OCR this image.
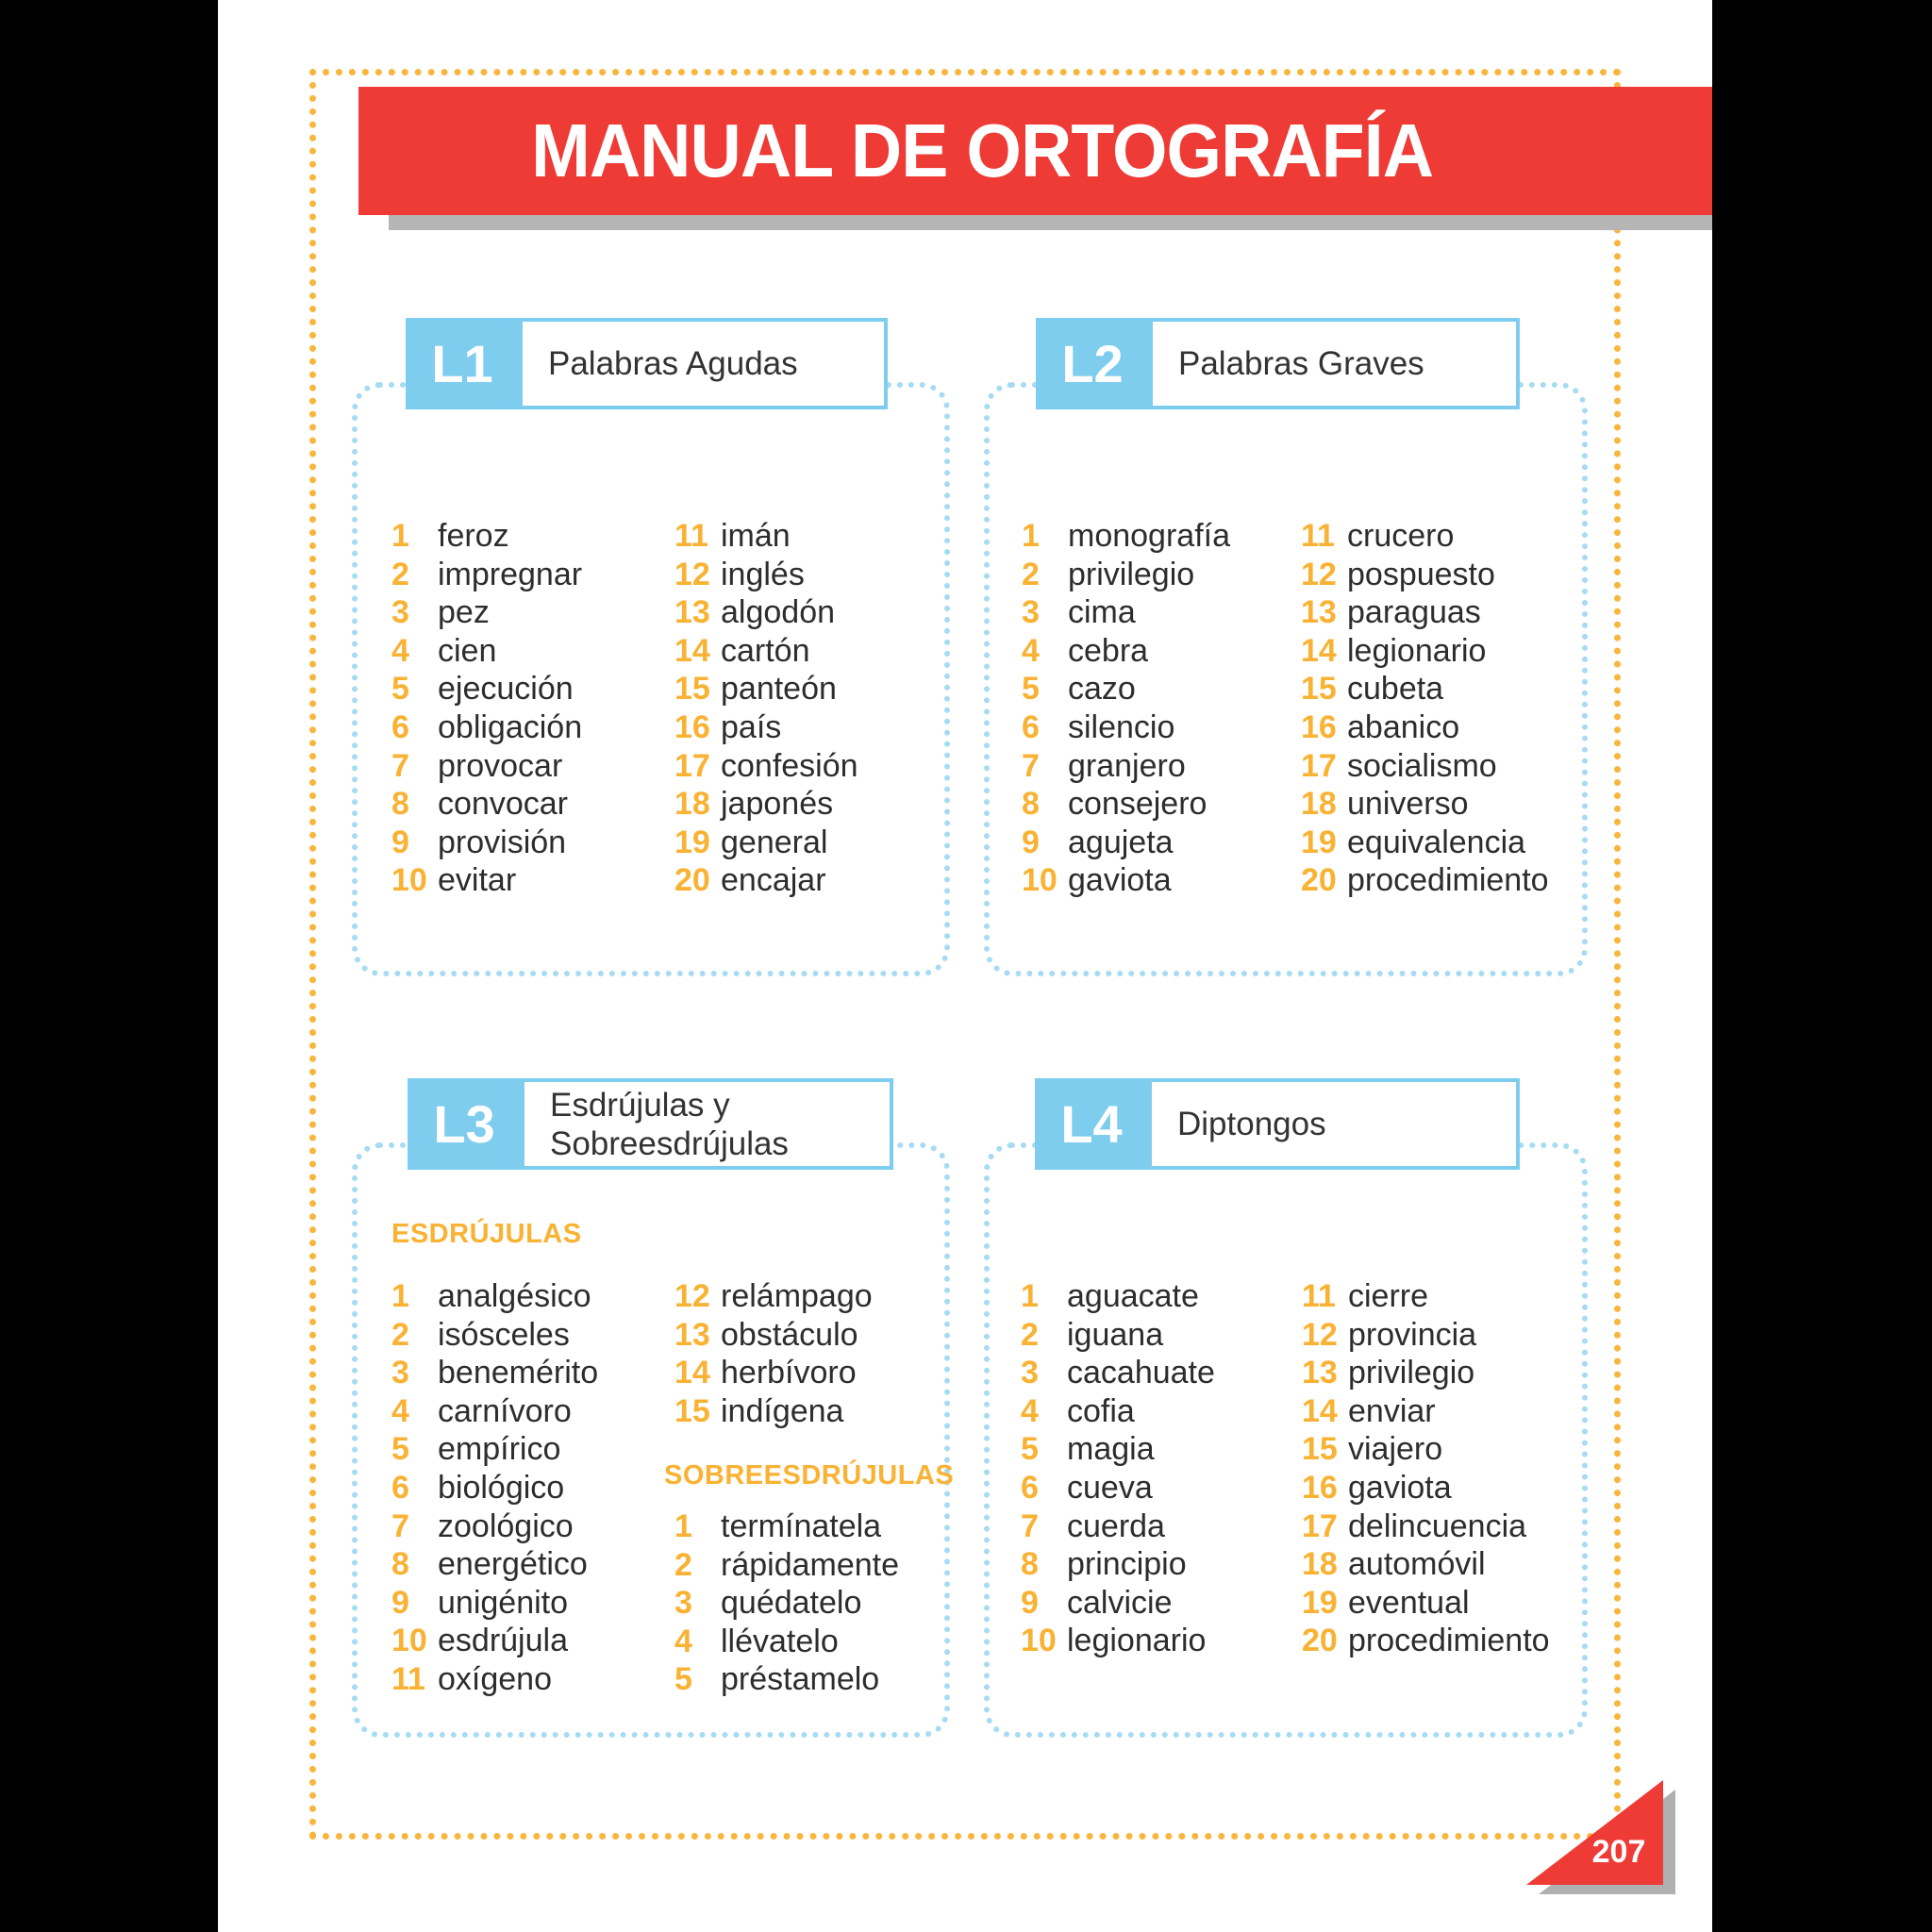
MANUAL DE ORTOGRAFÍA
L1	Palabras Agudas
1 feroz
2 impregnar
3 pez
4 cien
5 ejecución
6 obligación
7 provocar
8 convocar
9 provisión
10 evitar
11 imán
12 inglés
13 algodón
14 cartón
15 panteón
16 país
17 confesión
18 japonés
19 general
20 encajar
L2	Palabras Graves
1 monografía
2 privilegio
3 cima
4 cebra
5 cazo
6 silencio
7 granjero
8 consejero
9 agujeta
10 gaviota
11 crucero
12 pospuesto
13 paraguas
14 legionario
15 cubeta
16 abanico
17 socialismo
18 universo
19 equivalencia
20 procedimiento
L3	Esdrújulas y
Sobreesdrújulas
ESDRÚJULAS
1 analgésico
2 isósceles
3 benemérito
4 carnívoro
5 empírico
6 biológico
7 zoológico
8 energético
9 unigénito
10 esdrújula
11 oxígeno
12 relámpago
13 obstáculo
14 herbívoro
15 indígena
SOBREESDRÚJULAS
1 termínatela
2 rápidamente
3 quédatelo
4 llévatelo
5 préstamelo
L4	Diptongos
1 aguacate
2 iguana
3 cacahuate
4 cofia
5 magia
6 cueva
7 cuerda
8 principio
9 calvicie
10 legionario
11 cierre
12 provincia
13 privilegio
14 enviar
15 viajero
16 gaviota
17 delincuencia
18 automóvil
19 eventual
20 procedimiento
207
